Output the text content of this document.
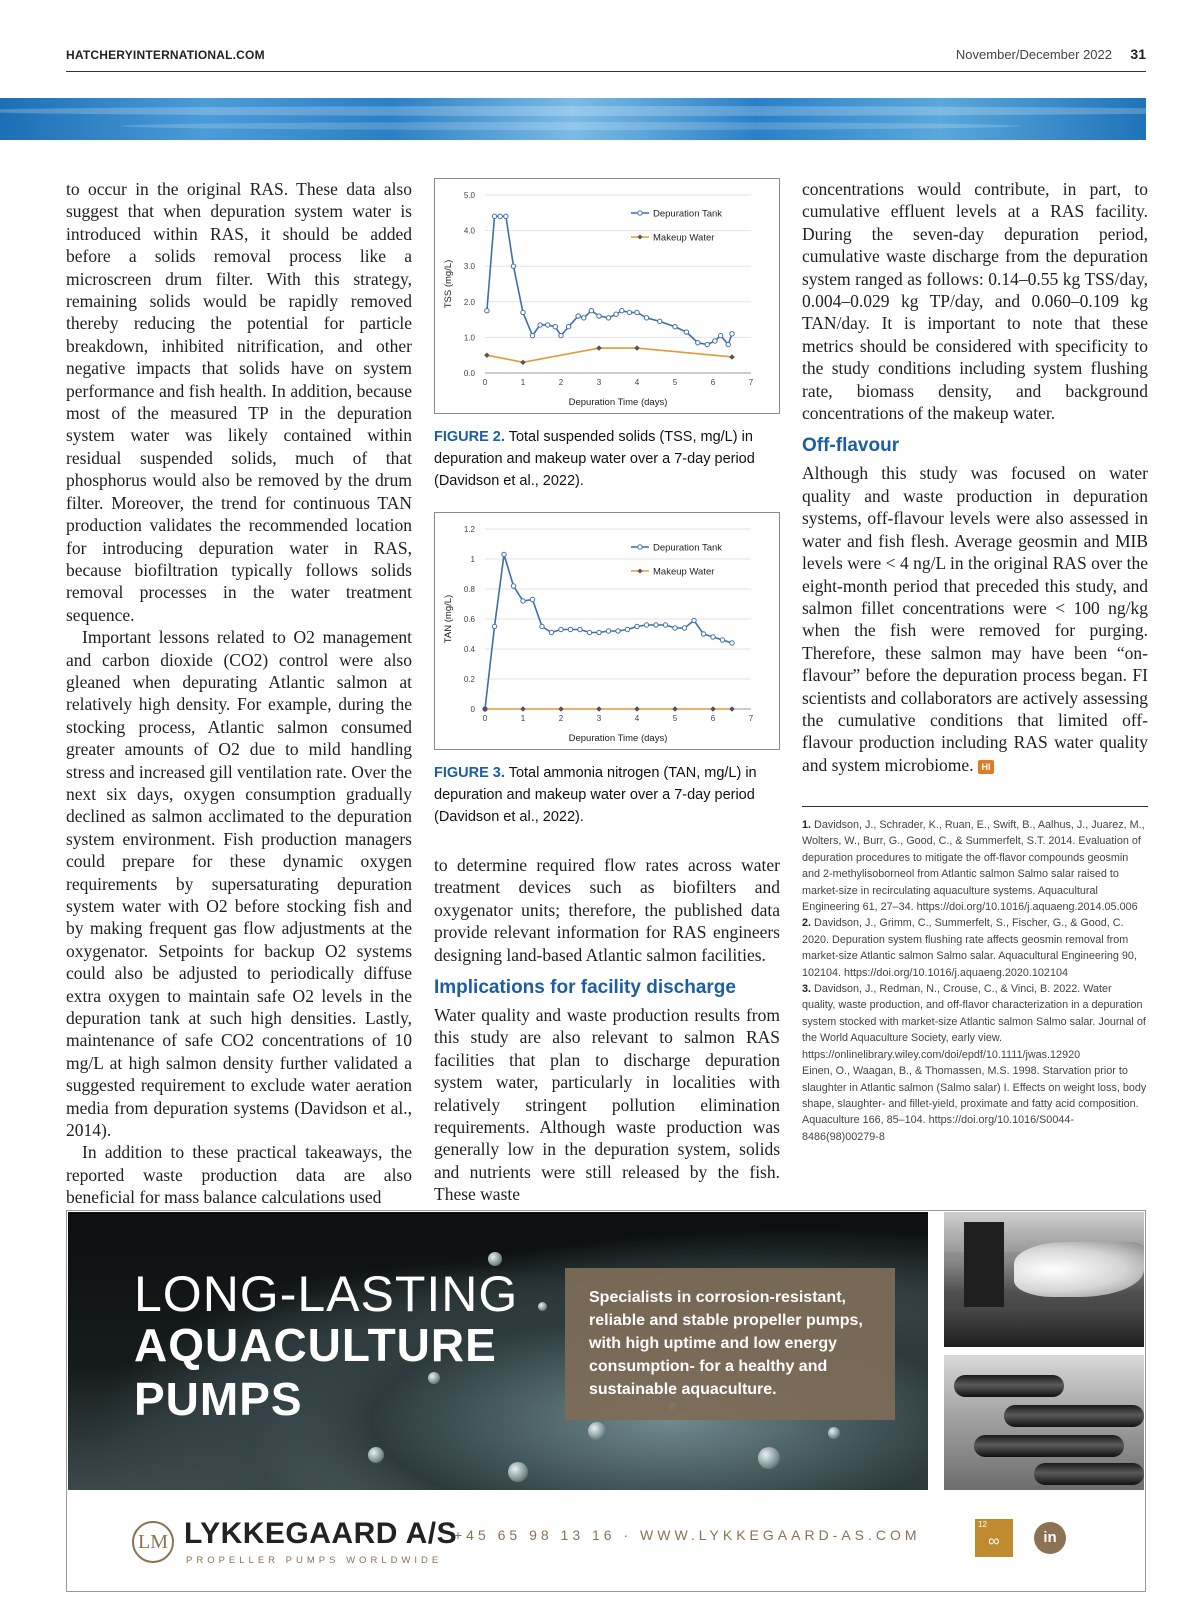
HATCHERYINTERNATIONAL.COM	November/December 2022 31

to occur in the original RAS. These data also suggest that when depuration system water is introduced within RAS, it should be added before a solids removal process like a microscreen drum filter. With this strategy, remaining solids would be rapidly removed thereby reducing the potential for particle breakdown, inhibited nitrification, and other negative impacts that solids have on system performance and fish health. In addition, because most of the measured TP in the depuration system water was likely contained within residual suspended solids, much of that phosphorus would also be removed by the drum filter. Moreover, the trend for continuous TAN production validates the recommended location for introducing depuration water in RAS, because biofiltration typically follows solids removal processes in the water treatment sequence.

Important lessons related to O2 management and carbon dioxide (CO2) control were also gleaned when depurating Atlantic salmon at relatively high density. For example, during the stocking process, Atlantic salmon consumed greater amounts of O2 due to mild handling stress and increased gill ventilation rate. Over the next six days, oxygen consumption gradually declined as salmon acclimated to the depuration system environment. Fish production managers could prepare for these dynamic oxygen requirements by supersaturating depuration system water with O2 before stocking fish and by making frequent gas flow adjustments at the oxygenator. Setpoints for backup O2 systems could also be adjusted to periodically diffuse extra oxygen to maintain safe O2 levels in the depuration tank at such high densities. Lastly, maintenance of safe CO2 concentrations of 10 mg/L at high salmon density further validated a suggested requirement to exclude water aeration media from depuration systems (Davidson et al., 2014).

In addition to these practical takeaways, the reported waste production data are also beneficial for mass balance calculations used

0.0
1.0
2.0
3.0
4.0
5.0
0	1	2	3	4	5	6	7
Depuration Time (days)
TSS (mg/L)
Depuration Tank
Makeup Water
FIGURE 2. Total suspended solids (TSS, mg/L) in depuration and makeup water over a 7-day period (Davidson et al., 2022).
0
0.2
0.4
0.6
0.8
1
1.2
0	1	2	3	4	5	6	7
Depuration Time (days)
TAN (mg/L)
Depuration Tank
Makeup Water
FIGURE 3. Total ammonia nitrogen (TAN, mg/L) in depuration and makeup water over a 7-day period (Davidson et al., 2022).

to determine required flow rates across water treatment devices such as biofilters and oxygenator units; therefore, the published data provide relevant information for RAS engineers designing land-based Atlantic salmon facilities.

Implications for facility discharge

Water quality and waste production results from this study are also relevant to salmon RAS facilities that plan to discharge depuration system water, particularly in localities with relatively stringent pollution elimination requirements. Although waste production was generally low in the depuration system, solids and nutrients were still released by the fish. These waste

concentrations would contribute, in part, to cumulative effluent levels at a RAS facility. During the seven-day depuration period, cumulative waste discharge from the depuration system ranged as follows: 0.14–0.55 kg TSS/day, 0.004–0.029 kg TP/day, and 0.060–0.109 kg TAN/day. It is important to note that these metrics should be considered with specificity to the study conditions including system flushing rate, biomass density, and background concentrations of the makeup water.

Off-flavour

Although this study was focused on water quality and waste production in depuration systems, off-flavour levels were also assessed in water and fish flesh. Average geosmin and MIB levels were < 4 ng/L in the original RAS over the eight-month period that preceded this study, and salmon fillet concentrations were < 100 ng/kg when the fish were removed for purging. Therefore, these salmon may have been “on-flavour” before the depuration process began. FI scientists and collaborators are actively assessing the cumulative conditions that limited off-flavour production including RAS water quality and system microbiome. HI

1. Davidson, J., Schrader, K., Ruan, E., Swift, B., Aalhus, J., Juarez, M., Wolters, W., Burr, G., Good, C., & Summerfelt, S.T. 2014. Evaluation of depuration procedures to mitigate the off-flavor compounds geosmin and 2-methylisoborneol from Atlantic salmon Salmo salar raised to market-size in recirculating aquaculture systems. Aquacultural Engineering 61, 27–34. https://doi.org/10.1016/j.aquaeng.2014.05.006

2. Davidson, J., Grimm, C., Summerfelt, S., Fischer, G., & Good, C. 2020. Depuration system flushing rate affects geosmin removal from market-size Atlantic salmon Salmo salar. Aquacultural Engineering 90, 102104. https://doi.org/10.1016/j.aquaeng.2020.102104

3. Davidson, J., Redman, N., Crouse, C., & Vinci, B. 2022. Water quality, waste production, and off-flavor characterization in a depuration system stocked with market-size Atlantic salmon Salmo salar. Journal of the World Aquaculture Society, early view. https://onlinelibrary.wiley.com/doi/epdf/10.1111/jwas.12920

Einen, O., Waagan, B., & Thomassen, M.S. 1998. Starvation prior to slaughter in Atlantic salmon (Salmo salar) I. Effects on weight loss, body shape, slaughter- and fillet-yield, proximate and fatty acid composition. Aquaculture 166, 85–104. https://doi.org/10.1016/S0044-8486(98)00279-8

LONG-LASTING
AQUACULTURE
PUMPS
Specialists in corrosion-resistant, reliable and stable propeller pumps, with high uptime and low energy consumption- for a healthy and sustainable aquaculture.
LM LYKKEGAARD A/S
PROPELLER PUMPS WORLDWIDE
+45 65 98 13 16 · WWW.LYKKEGAARD-AS.COM
12
∞	in
